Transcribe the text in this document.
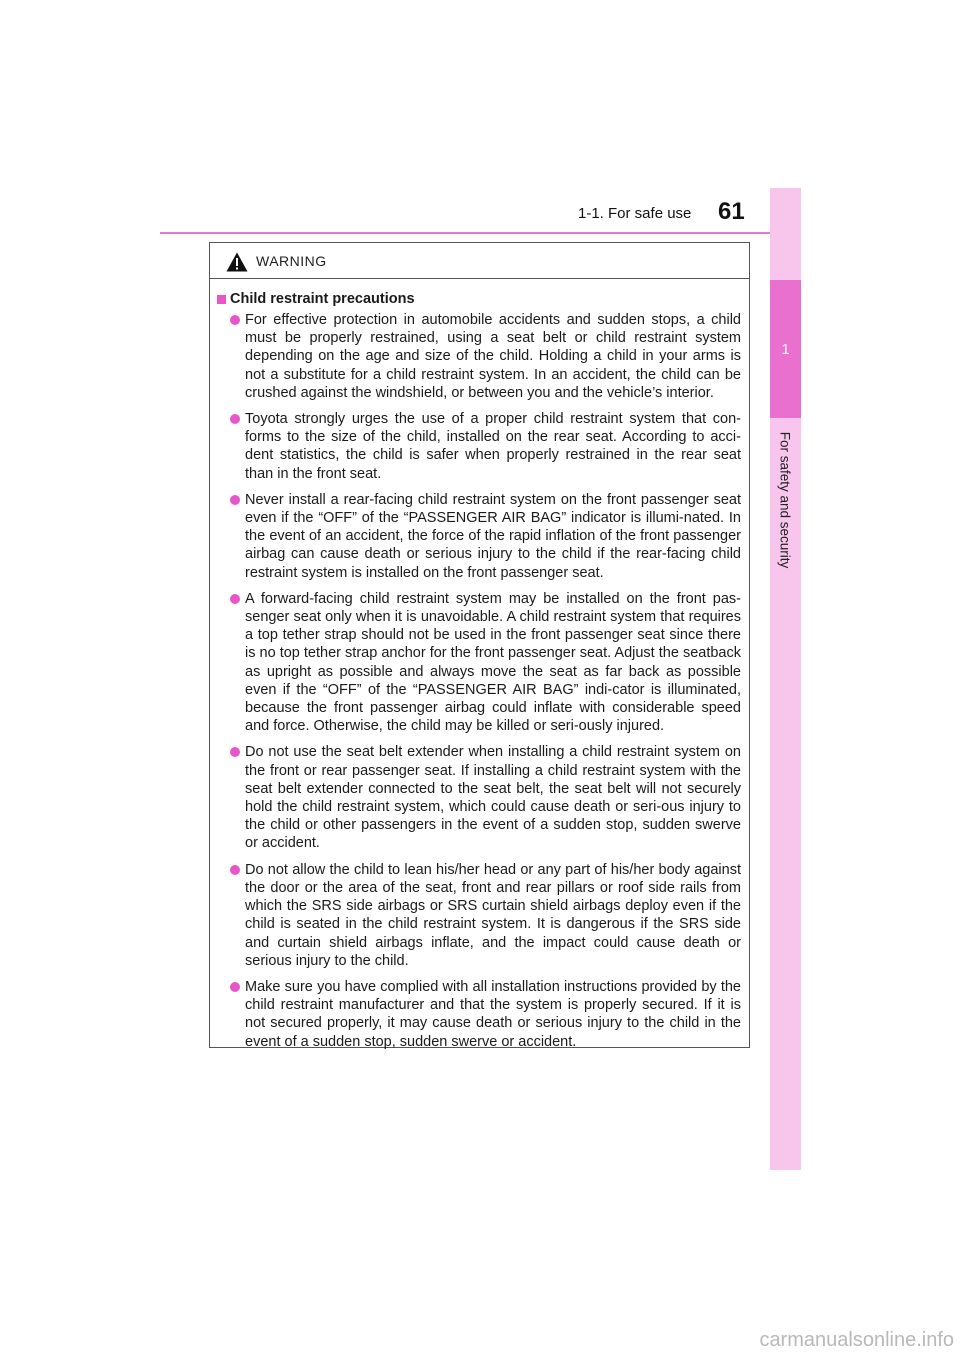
1-1. For safe use 61
1
For safety and security
WARNING
Child restraint precautions
For effective protection in automobile accidents and sudden stops, a child must be properly restrained, using a seat belt or child restraint system depending on the age and size of the child. Holding a child in your arms is not a substitute for a child restraint system. In an accident, the child can be crushed against the windshield, or between you and the vehicle’s interior.
Toyota strongly urges the use of a proper child restraint system that con-forms to the size of the child, installed on the rear seat. According to acci-dent statistics, the child is safer when properly restrained in the rear seat than in the front seat.
Never install a rear-facing child restraint system on the front passenger seat even if the “OFF” of the “PASSENGER AIR BAG” indicator is illumi-nated. In the event of an accident, the force of the rapid inflation of the front passenger airbag can cause death or serious injury to the child if the rear-facing child restraint system is installed on the front passenger seat.
A forward-facing child restraint system may be installed on the front pas-senger seat only when it is unavoidable. A child restraint system that requires a top tether strap should not be used in the front passenger seat since there is no top tether strap anchor for the front passenger seat. Adjust the seatback as upright as possible and always move the seat as far back as possible even if the “OFF” of the “PASSENGER AIR BAG” indi-cator is illuminated, because the front passenger airbag could inflate with considerable speed and force. Otherwise, the child may be killed or seri-ously injured.
Do not use the seat belt extender when installing a child restraint system on the front or rear passenger seat. If installing a child restraint system with the seat belt extender connected to the seat belt, the seat belt will not securely hold the child restraint system, which could cause death or seri-ous injury to the child or other passengers in the event of a sudden stop, sudden swerve or accident.
Do not allow the child to lean his/her head or any part of his/her body against the door or the area of the seat, front and rear pillars or roof side rails from which the SRS side airbags or SRS curtain shield airbags deploy even if the child is seated in the child restraint system. It is dangerous if the SRS side and curtain shield airbags inflate, and the impact could cause death or serious injury to the child.
Make sure you have complied with all installation instructions provided by the child restraint manufacturer and that the system is properly secured. If it is not secured properly, it may cause death or serious injury to the child in the event of a sudden stop, sudden swerve or accident.
carmanualsonline.info
